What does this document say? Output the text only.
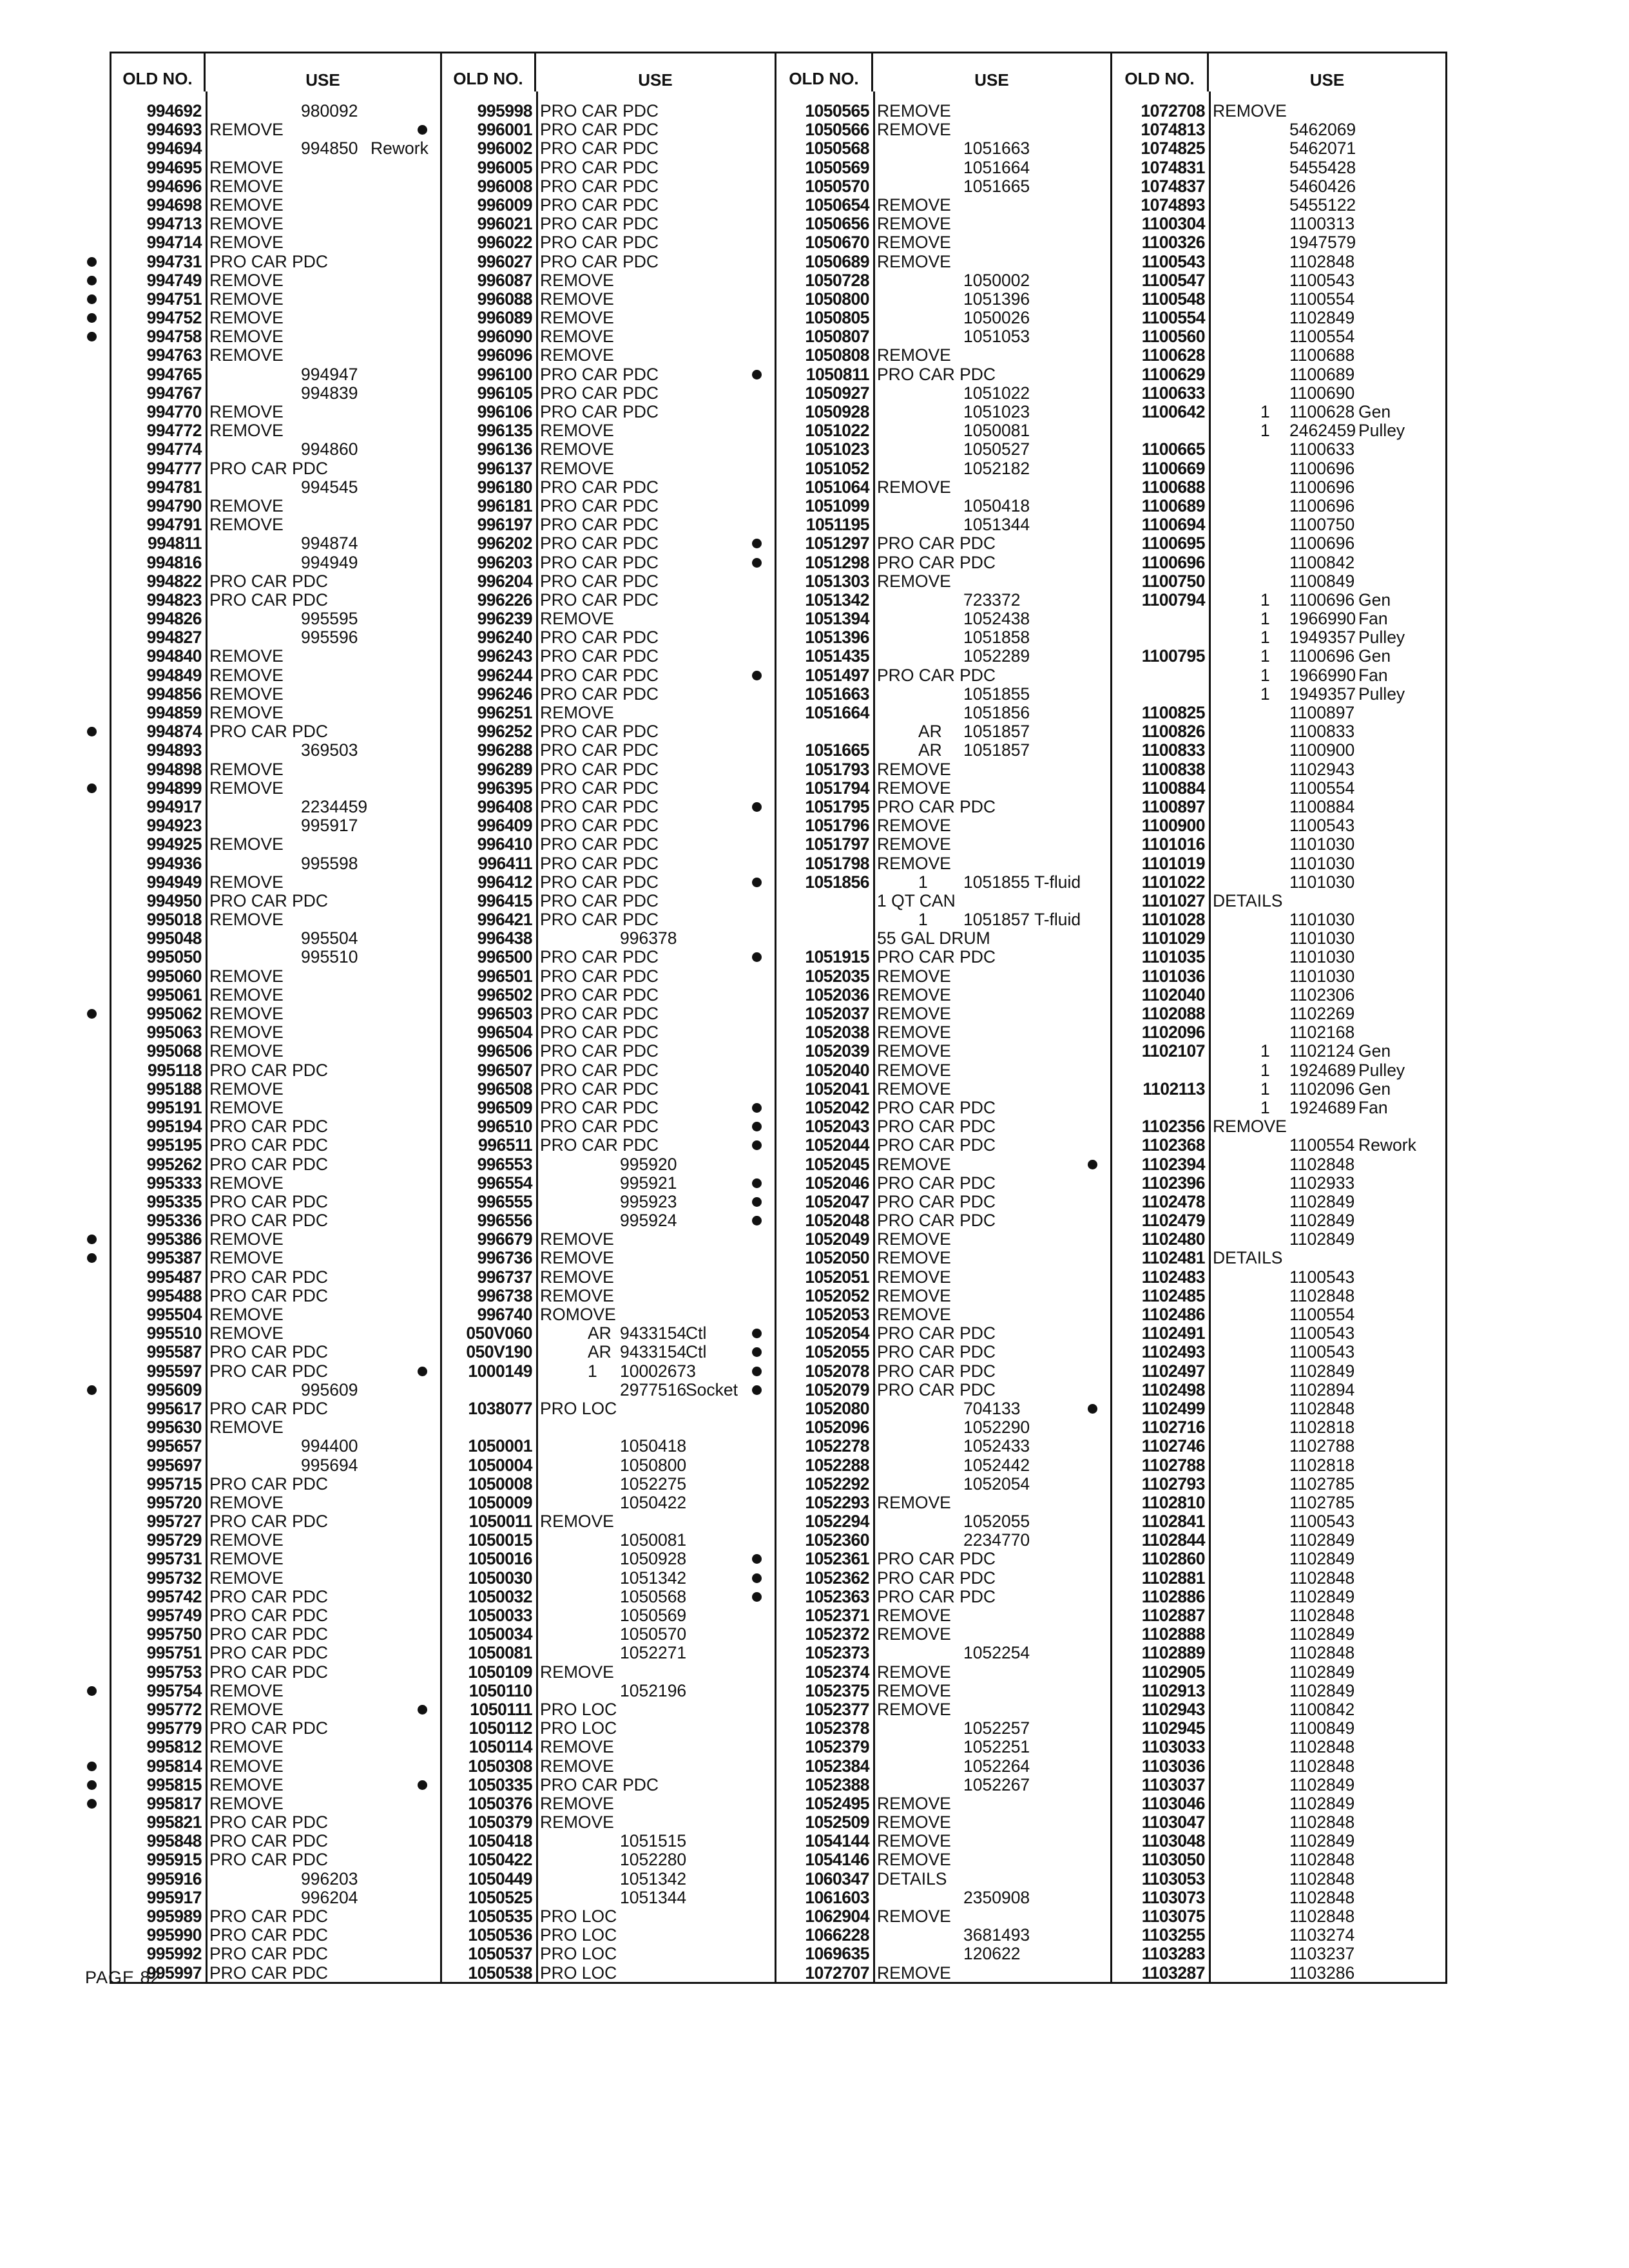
OLD NO.	USE
994692	980092
994693 REMOVE
994694	994850 Rework
994695 REMOVE
994696 REMOVE
994698 REMOVE
994713 REMOVE
994714 REMOVE
994731 PRO CAR PDC
994749 REMOVE
994751 REMOVE
994752 REMOVE
994758 REMOVE
994763 REMOVE
994765	994947
994767	994839
994770 REMOVE
994772 REMOVE
994774	994860
994777 PRO CAR PDC
994781	994545
994790 REMOVE
994791 REMOVE
994811	994874
994816	994949
994822 PRO CAR PDC
994823 PRO CAR PDC
994826	995595
994827	995596
994840 REMOVE
994849 REMOVE
994856 REMOVE
994859 REMOVE
994874 PRO CAR PDC
994893	369503
994898 REMOVE
994899 REMOVE
994917	2234459
994923	995917
994925 REMOVE
994936	995598
994949 REMOVE
994950 PRO CAR PDC
995018 REMOVE
995048	995504
995050	995510
995060 REMOVE
995061 REMOVE
995062 REMOVE
995063 REMOVE
995068 REMOVE
995118 PRO CAR PDC
995188 REMOVE
995191 REMOVE
995194 PRO CAR PDC
995195 PRO CAR PDC
995262 PRO CAR PDC
995333 REMOVE
995335 PRO CAR PDC
995336 PRO CAR PDC
995386 REMOVE
995387 REMOVE
995487 PRO CAR PDC
995488 PRO CAR PDC
995504 REMOVE
995510 REMOVE
995587 PRO CAR PDC
995597 PRO CAR PDC
995609	995609
995617 PRO CAR PDC
995630 REMOVE
995657	994400
995697	995694
995715 PRO CAR PDC
995720 REMOVE
995727 PRO CAR PDC
995729 REMOVE
995731 REMOVE
995732 REMOVE
995742 PRO CAR PDC
995749 PRO CAR PDC
995750 PRO CAR PDC
995751 PRO CAR PDC
995753 PRO CAR PDC
995754 REMOVE
995772 REMOVE
995779 PRO CAR PDC
995812 REMOVE
995814 REMOVE
995815 REMOVE
995817 REMOVE
995821 PRO CAR PDC
995848 PRO CAR PDC
995915 PRO CAR PDC
995916	996203
995917	996204
995989 PRO CAR PDC
995990 PRO CAR PDC
995992 PRO CAR PDC
995997 PRO CAR PDC
OLD NO.	USE
995998 PRO CAR PDC
996001 PRO CAR PDC
996002 PRO CAR PDC
996005 PRO CAR PDC
996008 PRO CAR PDC
996009 PRO CAR PDC
996021 PRO CAR PDC
996022 PRO CAR PDC
996027 PRO CAR PDC
996087 REMOVE
996088 REMOVE
996089 REMOVE
996090 REMOVE
996096 REMOVE
996100 PRO CAR PDC
996105 PRO CAR PDC
996106 PRO CAR PDC
996135 REMOVE
996136 REMOVE
996137 REMOVE
996180 PRO CAR PDC
996181 PRO CAR PDC
996197 PRO CAR PDC
996202 PRO CAR PDC
996203 PRO CAR PDC
996204 PRO CAR PDC
996226 PRO CAR PDC
996239 REMOVE
996240 PRO CAR PDC
996243 PRO CAR PDC
996244 PRO CAR PDC
996246 PRO CAR PDC
996251 REMOVE
996252 PRO CAR PDC
996288 PRO CAR PDC
996289 PRO CAR PDC
996395 PRO CAR PDC
996408 PRO CAR PDC
996409 PRO CAR PDC
996410 PRO CAR PDC
996411 PRO CAR PDC
996412 PRO CAR PDC
996415 PRO CAR PDC
996421 PRO CAR PDC
996438	996378
996500 PRO CAR PDC
996501 PRO CAR PDC
996502 PRO CAR PDC
996503 PRO CAR PDC
996504 PRO CAR PDC
996506 PRO CAR PDC
996507 PRO CAR PDC
996508 PRO CAR PDC
996509 PRO CAR PDC
996510 PRO CAR PDC
996511 PRO CAR PDC
996553	995920
996554	995921
996555	995923
996556	995924
996679 REMOVE
996736 REMOVE
996737 REMOVE
996738 REMOVE
996740 ROMOVE
050V060	AR 9433154
Ctl
050V190	AR 9433154
Ctl
1000149	1 10002673
2977516
Socket
1038077 PRO LOC
1050001	1050418
1050004	1050800
1050008	1052275
1050009	1050422
1050011 REMOVE
1050015	1050081
1050016	1050928
1050030	1051342
1050032	1050568
1050033	1050569
1050034	1050570
1050081	1052271
1050109 REMOVE
1050110	1052196
1050111 PRO LOC
1050112 PRO LOC
1050114 REMOVE
1050308 REMOVE
1050335 PRO CAR PDC
1050376 REMOVE
1050379 REMOVE
1050418	1051515
1050422	1052280
1050449	1051342
1050525	1051344
1050535 PRO LOC
1050536 PRO LOC
1050537 PRO LOC
1050538 PRO LOC
OLD NO.	USE
1050565 REMOVE
1050566 REMOVE
1050568	1051663
1050569	1051664
1050570	1051665
1050654 REMOVE
1050656 REMOVE
1050670 REMOVE
1050689 REMOVE
1050728	1050002
1050800	1051396
1050805	1050026
1050807	1051053
1050808 REMOVE
1050811 PRO CAR PDC
1050927	1051022
1050928	1051023
1051022	1050081
1051023	1050527
1051052	1052182
1051064 REMOVE
1051099	1050418
1051195	1051344
1051297 PRO CAR PDC
1051298 PRO CAR PDC
1051303 REMOVE
1051342	723372
1051394	1052438
1051396	1051858
1051435	1052289
1051497 PRO CAR PDC
1051663	1051855
1051664	1051856
AR 1051857
1051665	AR 1051857
1051793 REMOVE
1051794 REMOVE
1051795 PRO CAR PDC
1051796 REMOVE
1051797 REMOVE
1051798 REMOVE
1051856	1 1051855 T-fluid
1 QT CAN
1 1051857 T-fluid
55 GAL DRUM
1051915 PRO CAR PDC
1052035 REMOVE
1052036 REMOVE
1052037 REMOVE
1052038 REMOVE
1052039 REMOVE
1052040 REMOVE
1052041 REMOVE
1052042 PRO CAR PDC
1052043 PRO CAR PDC
1052044 PRO CAR PDC
1052045 REMOVE
1052046 PRO CAR PDC
1052047 PRO CAR PDC
1052048 PRO CAR PDC
1052049 REMOVE
1052050 REMOVE
1052051 REMOVE
1052052 REMOVE
1052053 REMOVE
1052054 PRO CAR PDC
1052055 PRO CAR PDC
1052078 PRO CAR PDC
1052079 PRO CAR PDC
1052080	704133
1052096	1052290
1052278	1052433
1052288	1052442
1052292	1052054
1052293 REMOVE
1052294	1052055
1052360	2234770
1052361 PRO CAR PDC
1052362 PRO CAR PDC
1052363 PRO CAR PDC
1052371 REMOVE
1052372 REMOVE
1052373	1052254
1052374 REMOVE
1052375 REMOVE
1052377 REMOVE
1052378	1052257
1052379	1052251
1052384	1052264
1052388	1052267
1052495 REMOVE
1052509 REMOVE
1054144 REMOVE
1054146 REMOVE
1060347 DETAILS
1061603	2350908
1062904 REMOVE
1066228	3681493
1069635	120622
1072707 REMOVE
OLD NO.	USE
1072708 REMOVE
1074813	5462069
1074825	5462071
1074831	5455428
1074837	5460426
1074893	5455122
1100304	1100313
1100326	1947579
1100543	1102848
1100547	1100543
1100548	1100554
1100554	1102849
1100560	1100554
1100628	1100688
1100629	1100689
1100633	1100690
1100642	1 1100628 Gen
1 2462459 Pulley
1100665	1100633
1100669	1100696
1100688	1100696
1100689	1100696
1100694	1100750
1100695	1100696
1100696	1100842
1100750	1100849
1100794	1 1100696 Gen
1 1966990 Fan
1 1949357 Pulley
1100795	1 1100696 Gen
1 1966990 Fan
1 1949357 Pulley
1100825	1100897
1100826	1100833
1100833	1100900
1100838	1102943
1100884	1100554
1100897	1100884
1100900	1100543
1101016	1101030
1101019	1101030
1101022	1101030
1101027 DETAILS
1101028	1101030
1101029	1101030
1101035	1101030
1101036	1101030
1102040	1102306
1102088	1102269
1102096	1102168
1102107	1 1102124 Gen
1 1924689 Pulley
1102113	1 1102096 Gen
1 1924689 Fan
1102356 REMOVE
1102368	1100554 Rework
1102394	1102848
1102396	1102933
1102478	1102849
1102479	1102849
1102480	1102849
1102481 DETAILS
1102483	1100543
1102485	1102848
1102486	1100554
1102491	1100543
1102493	1100543
1102497	1102849
1102498	1102894
1102499	1102848
1102716	1102818
1102746	1102788
1102788	1102818
1102793	1102785
1102810	1102785
1102841	1100543
1102844	1102849
1102860	1102849
1102881	1102848
1102886	1102849
1102887	1102848
1102888	1102849
1102889	1102848
1102905	1102849
1102913	1102849
1102943	1100842
1102945	1100849
1103033	1102848
1103036	1102848
1103037	1102849
1103046	1102849
1103047	1102848
1103048	1102849
1103050	1102848
1103053	1102848
1103073	1102848
1103075	1102848
1103255	1103274
1103283	1103237
1103287	1103286
PAGE 82
